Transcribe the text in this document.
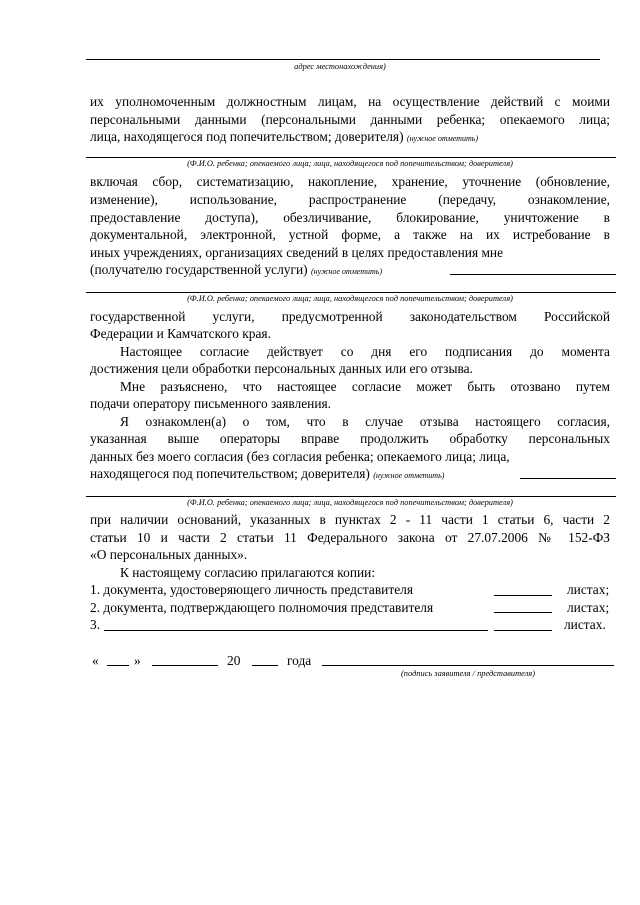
адрес местонахождения)
их уполномоченным должностным лицам, на осуществление действий с моими
персональными данными (персональными данными ребенка; опекаемого лица;
лица, находящегося под попечительством; доверителя) (нужное отметить)
(Ф.И.О. ребенка; опекаемого лица; лица, находящегося под попечительством; доверителя)
включая сбор, систематизацию, накопление, хранение, уточнение (обновление,
изменение), использование, распространение (передачу, ознакомление,
предоставление доступа), обезличивание, блокирование, уничтожение в
документальной, электронной, устной форме, а также на их истребование в
иных учреждениях, организациях сведений в целях предоставления мне
(получателю государственной услуги) (нужное отметить)
(Ф.И.О. ребенка; опекаемого лица; лица, находящегося под попечительством; доверителя)
государственной услуги, предусмотренной законодательством Российской
Федерации и Камчатского края.
Настоящее согласие действует со дня его подписания до момента
достижения цели обработки персональных данных или его отзыва.
Мне разъяснено, что настоящее согласие может быть отозвано путем
подачи оператору письменного заявления.
Я ознакомлен(а) о том, что в случае отзыва настоящего согласия,
указанная выше операторы вправе продолжить обработку персональных
данных без моего согласия (без согласия ребенка; опекаемого лица; лица,
находящегося под попечительством; доверителя) (нужное отметить)
(Ф.И.О. ребенка; опекаемого лица; лица, находящегося под попечительством; доверителя)
при наличии оснований, указанных в пунктах 2 - 11 части 1 статьи 6, части 2
статьи 10 и части 2 статьи 11 Федерального закона от 27.07.2006 № 152-ФЗ
«О персональных данных».
К настоящему согласию прилагаются копии:
1. документа, удостоверяющего личность представителя	листах;
2. документа, подтверждающего полномочия представителя	листах;
3.	листах.
«	»	20	года
(подпись заявителя / представителя)
